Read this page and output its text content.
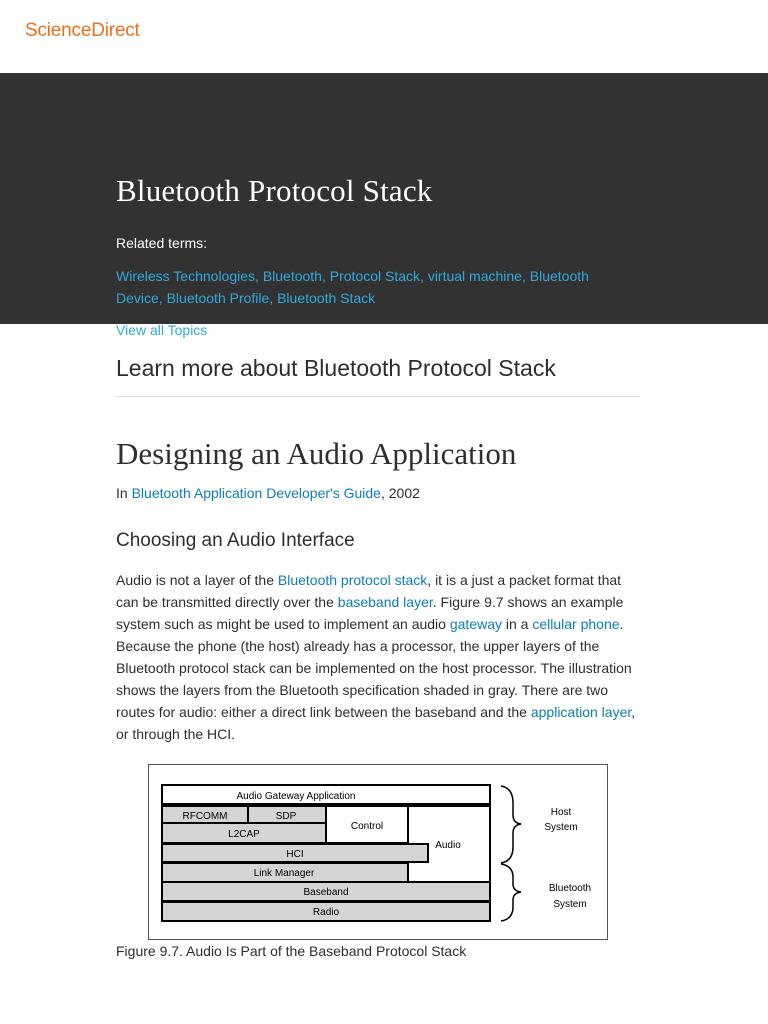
ScienceDirect
Bluetooth Protocol Stack
Related terms:
Wireless Technologies, Bluetooth, Protocol Stack, virtual machine, Bluetooth Device, Bluetooth Profile, Bluetooth Stack
View all Topics
Learn more about Bluetooth Protocol Stack
Designing an Audio Application
In Bluetooth Application Developer's Guide, 2002
Choosing an Audio Interface

Audio is not a layer of the Bluetooth protocol stack, it is a just a packet format that can be transmitted directly over the baseband layer. Figure 9.7 shows an example system such as might be used to implement an audio gateway in a cellular phone. Because the phone (the host) already has a processor, the upper layers of the Bluetooth protocol stack can be implemented on the host processor. The illustration shows the layers from the Bluetooth specification shaded in gray. There are two routes for audio: either a direct link between the baseband and the application layer, or through the HCI.

Audio Gateway Application
RFCOMM	SDP
Control
L2CAP
Audio
HCI
Link Manager
Baseband
Radio
Host
System
Bluetooth
System
Figure 9.7. Audio Is Part of the Baseband Protocol Stack
